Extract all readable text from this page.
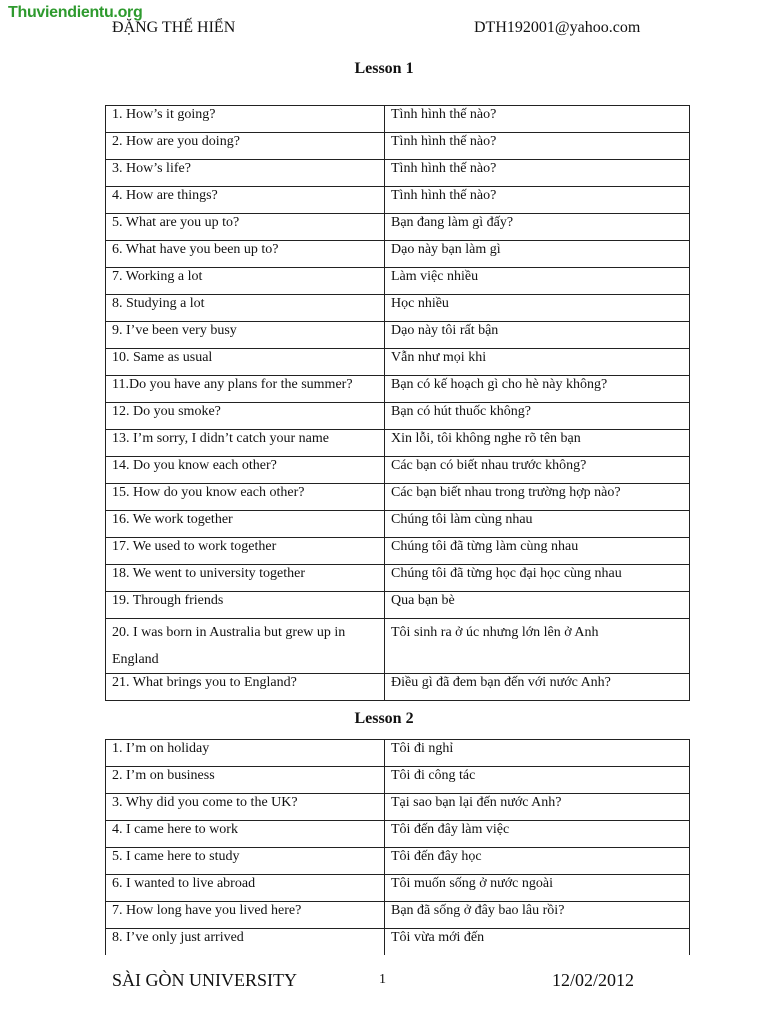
Thuviendientu.org
ĐẶNG THẾ HIỂN	DTH192001@yahoo.com
Lesson 1
1. How’s it going?	Tình hình thế nào?
2. How are you doing?	Tình hình thế nào?
3. How’s life?	Tình hình thế nào?
4. How are things?	Tình hình thế nào?
5. What are you up to?	Bạn đang làm gì đấy?
6. What have you been up to?	Dạo này bạn làm gì
7. Working a lot	Làm việc nhiều
8. Studying a lot	Học nhiều
9. I’ve been very busy	Dạo này tôi rất bận
10. Same as usual	Vẫn như mọi khi
11.Do you have any plans for the summer?	Bạn có kế hoạch gì cho hè này không?
12. Do you smoke?	Bạn có hút thuốc không?
13. I’m sorry, I didn’t catch your name	Xin lỗi, tôi không nghe rõ tên bạn
14. Do you know each other?	Các bạn có biết nhau trước không?
15. How do you know each other?	Các bạn biết nhau trong trường hợp nào?
16. We work together	Chúng tôi làm cùng nhau
17. We used to work together	Chúng tôi đã từng làm cùng nhau
18. We went to university together	Chúng tôi đã từng học đại học cùng nhau
19. Through friends	Qua bạn bè
20. I was born in Australia but grew up in England	Tôi sinh ra ở úc nhưng lớn lên ở Anh
21. What brings you to England?	Điều gì đã đem bạn đến với nước Anh?
Lesson 2
1. I’m on holiday	Tôi đi nghỉ
2. I’m on business	Tôi đi công tác
3. Why did you come to the UK?	Tại sao bạn lại đến nước Anh?
4. I came here to work	Tôi đến đây làm việc
5. I came here to study	Tôi đến đây học
6. I wanted to live abroad	Tôi muốn sống ở nước ngoài
7. How long have you lived here?	Bạn đã sống ở đây bao lâu rồi?
8. I’ve only just arrived	Tôi vừa mới đến
SÀI GÒN UNIVERSITY	1	12/02/2012
